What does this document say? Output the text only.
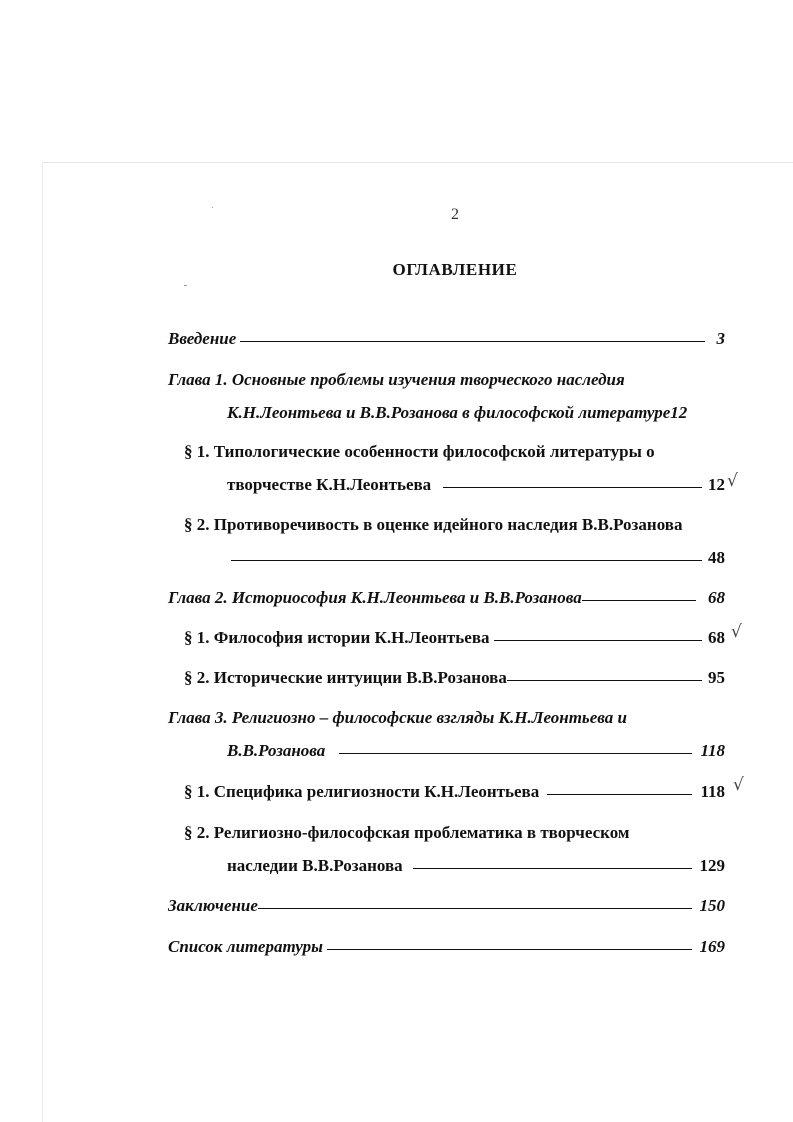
2
ОГЛАВЛЕНИЕ
Введение	3
Глава 1. Основные проблемы изучения творческого наследия
К.Н.Леонтьева и В.В.Розанова в философской литературе 12
§ 1. Типологические особенности философской литературы о
творчестве К.Н.Леонтьева	12 √
§ 2. Противоречивость в оценке идейного наследия В.В.Розанова
48
Глава 2. Историософия К.Н.Леонтьева и В.В.Розанова	68
§ 1. Философия истории К.Н.Леонтьева	68 √
§ 2. Исторические интуиции В.В.Розанова	95
Глава 3. Религиозно – философские взгляды К.Н.Леонтьева и
В.В.Розанова	118
§ 1. Специфика религиозности К.Н.Леонтьева	118 √
§ 2. Религиозно-философская проблематика в творческом
наследии В.В.Розанова	129
Заключение	150
Список литературы	169
